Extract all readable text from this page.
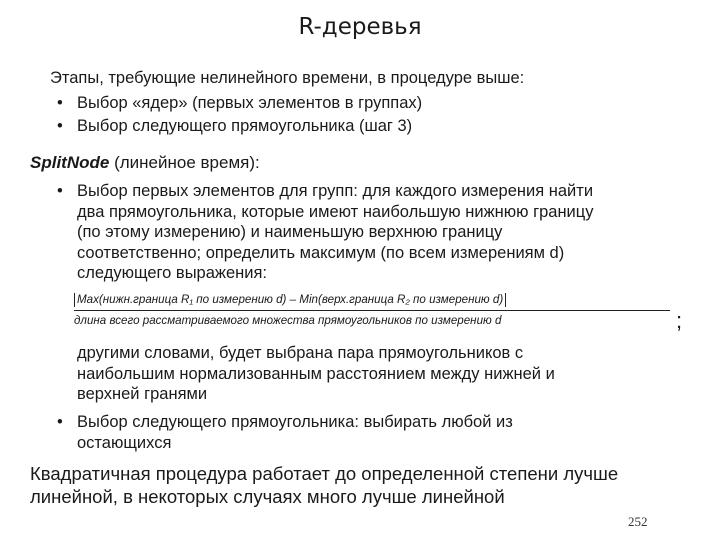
R-деревья
Этапы, требующие нелинейного времени, в процедуре выше:
• Выбор «ядер» (первых элементов в группах)
• Выбор следующего прямоугольника (шаг 3)
SplitNode (линейное время):
• Выбор первых элементов для групп: для каждого измерения найти
два прямоугольника, которые имеют наибольшую нижнюю границу
(по этому измерению) и наименьшую верхнюю границу
соответственно; определить максимум (по всем измерениям d)
следующего выражения:
Max(нижн.граница R₁ по измерению d) – Min(верх.граница R₂ по измерению d)
длина всего рассматриваемого множества прямоугольников по измерению d	;
другими словами, будет выбрана пара прямоугольников с
наибольшим нормализованным расстоянием между нижней и
верхней гранями
• Выбор следующего прямоугольника: выбирать любой из
остающихся
Квадратичная процедура работает до определенной степени лучше
линейной, в некоторых случаях много лучше линейной
252
